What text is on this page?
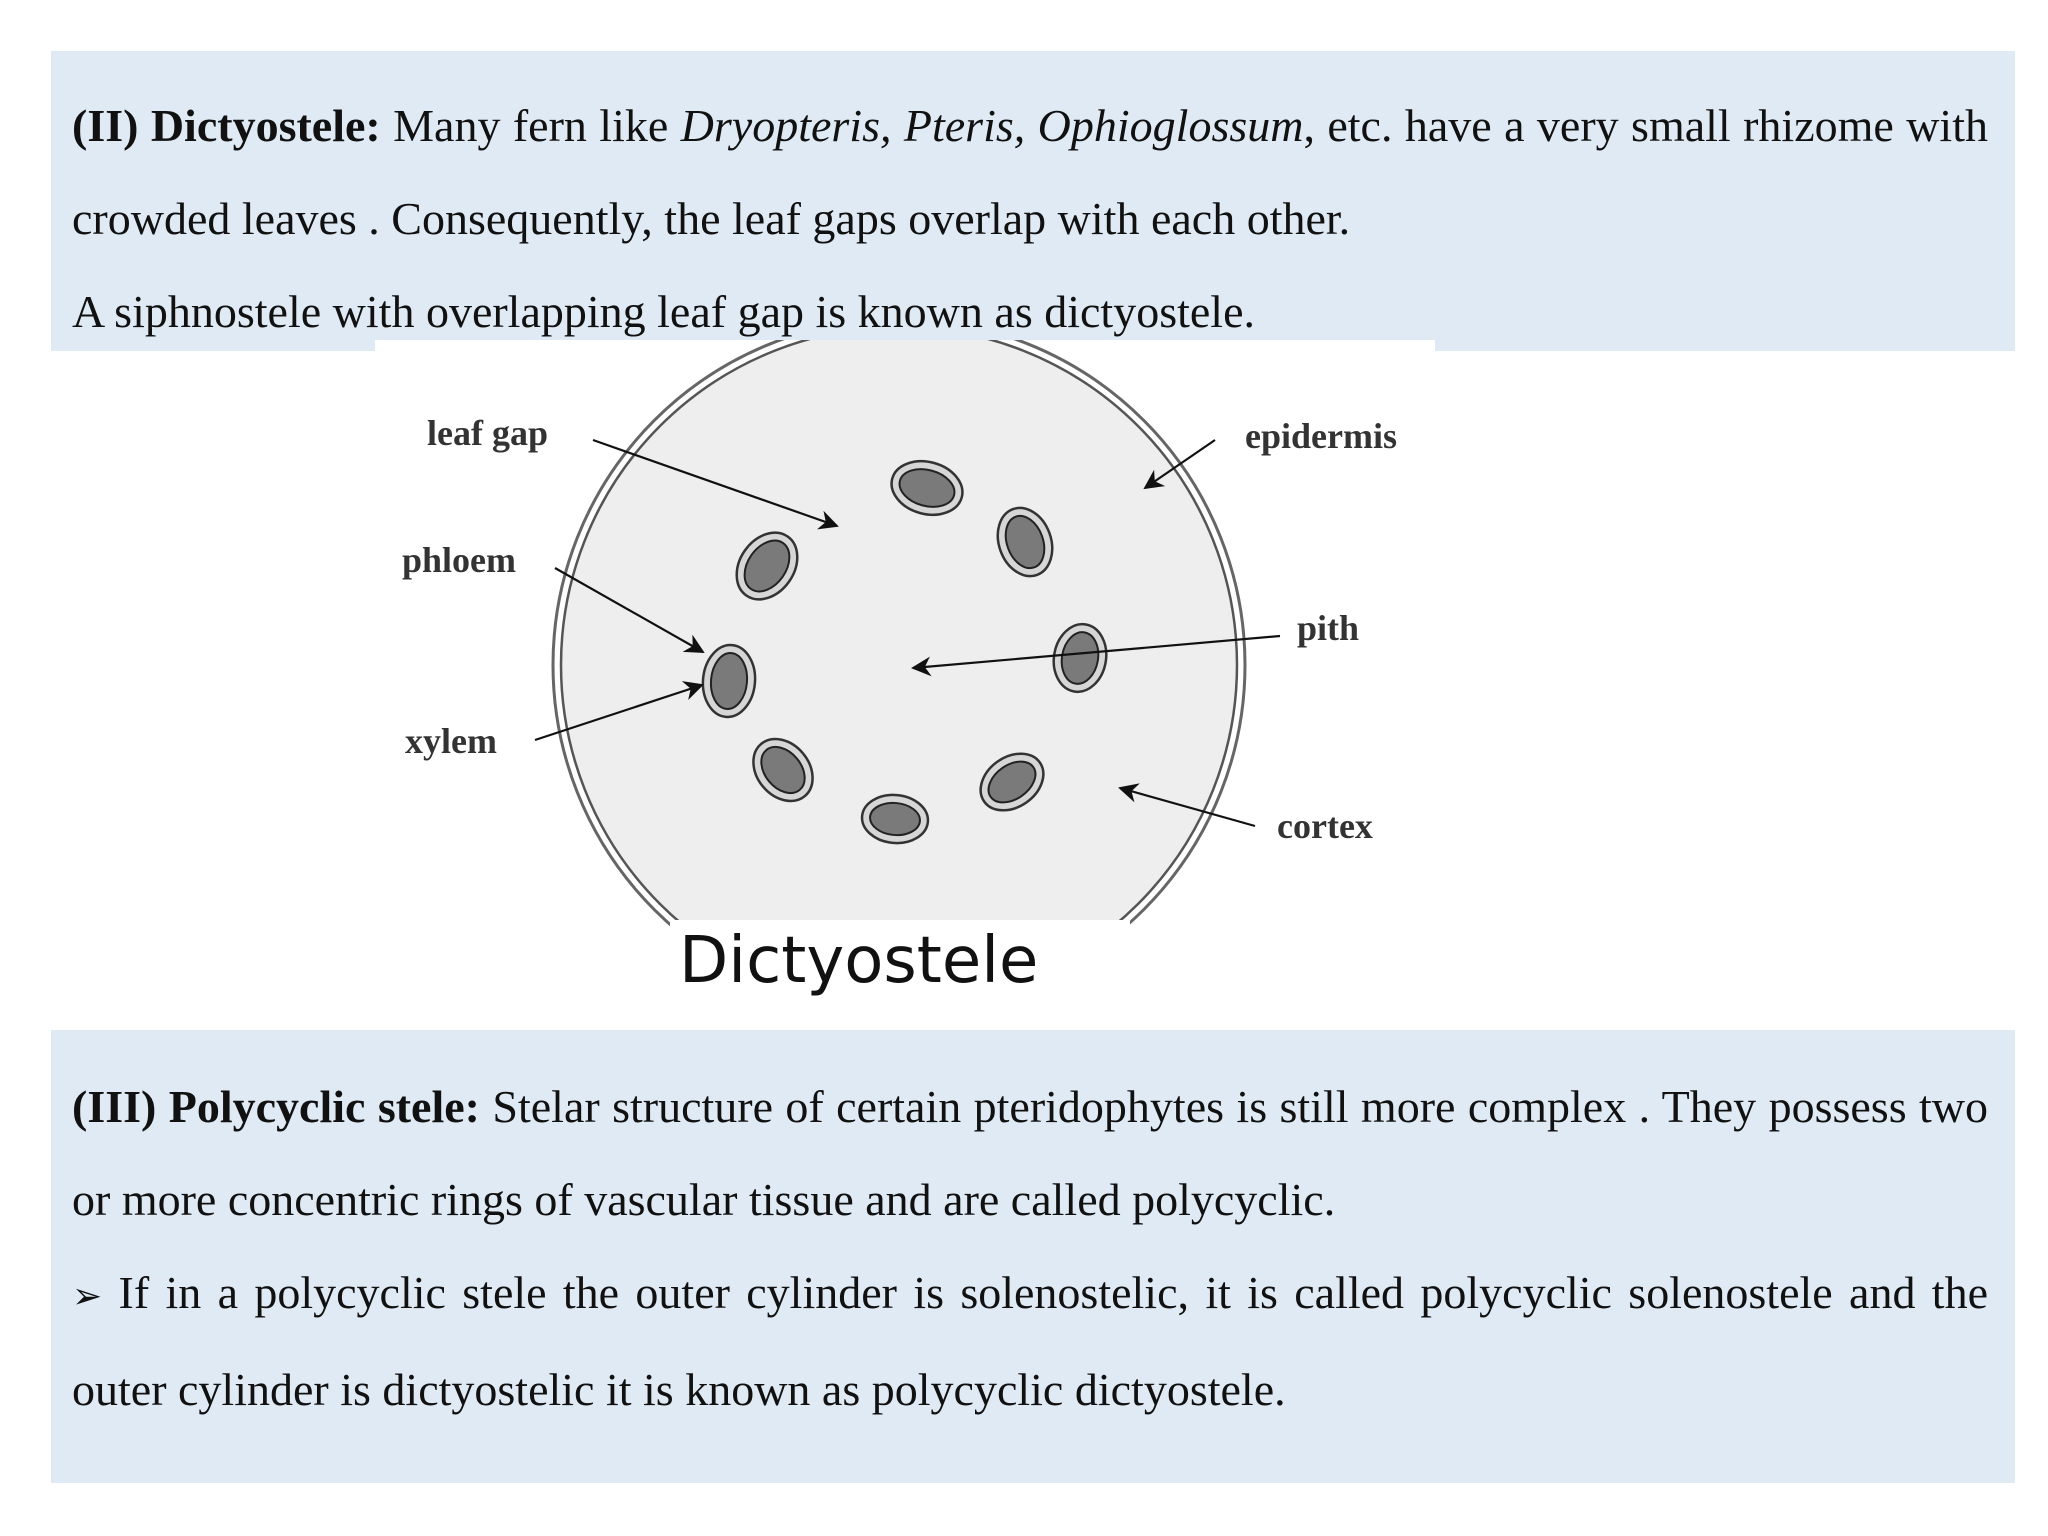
(II) Dictyostele: Many fern like Dryopteris, Pteris, Ophioglossum, etc. have a very small rhizome with crowded leaves . Consequently, the leaf gaps overlap with each other.

A siphnostele with overlapping leaf gap is known as dictyostele.

leaf gap	epidermis
phloem
pith
xylem
cortex
Dictyostele

(III) Polycyclic stele: Stelar structure of certain pteridophytes is still more complex . They possess two or more concentric rings of vascular tissue and are called polycyclic.

➢ If in a polycyclic stele the outer cylinder is solenostelic, it is called polycyclic solenostele and the outer cylinder is dictyostelic it is known as polycyclic dictyostele.
